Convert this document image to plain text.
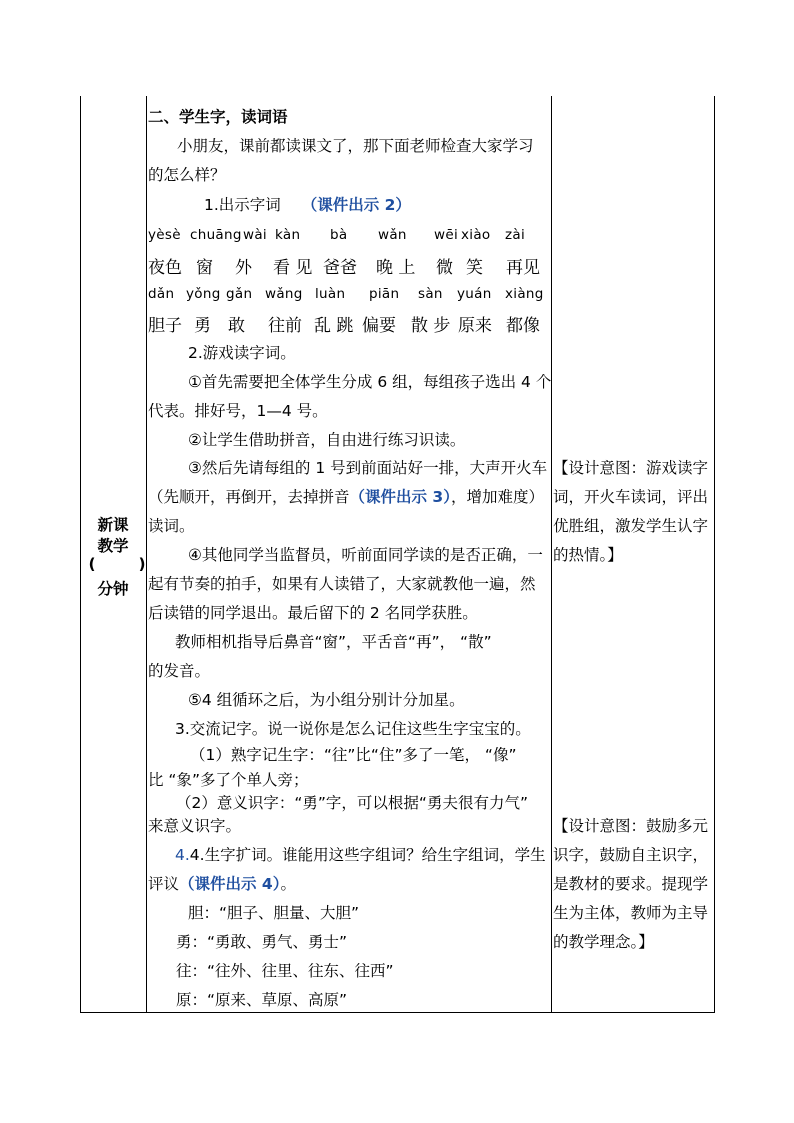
新课
教学
(	)
分钟
二、学生字，读词语
小朋友，课前都读课文了，那下面老师检查大家学习
的怎么样？
1.出示字词 （课件出示 2）
yèsè chuāng wài kàn bà wǎn wēi xiào zài
夜色 窗 外 看 见 爸爸 晚 上 微 笑 再见
dǎn yǒng gǎn wǎng luàn piān sàn yuán xiàng
胆子 勇 敢 往前 乱 跳 偏要 散 步 原来 都像
2.游戏读字词。
①首先需要把全体学生分成 6 组，每组孩子选出 4 个
代表。排好号，1—4 号。
②让学生借助拼音，自由进行练习识读。
③然后先请每组的 1 号到前面站好一排，大声开火车
（先顺开，再倒开，去掉拼音（课件出示 3），增加难度）
读词。
④其他同学当监督员，听前面同学读的是否正确，一
起有节奏的拍手，如果有人读错了，大家就教他一遍，然
后读错的同学退出。最后留下的 2 名同学获胜。
教师相机指导后鼻音“窗”，平舌音“再”， “散”
的发音。
⑤4 组循环之后，为小组分别计分加星。
3.交流记字。说一说你是怎么记住这些生字宝宝的。
（1）熟字记生字：“往”比“住”多了一笔， “像”
比 “象”多了个单人旁；
（2）意义识字：“勇”字，可以根据“勇夫很有力气”
来意义识字。
4.4.生字扩词。谁能用这些字组词？给生字组词，学生
评议（课件出示 4）。
胆：“胆子、胆量、大胆”
勇：“勇敢、勇气、勇士”
往：“往外、往里、往东、往西”
原：“原来、草原、高原”
【设计意图：游戏读字
词，开火车读词，评出
优胜组，激发学生认字
的热情。】
【设计意图：鼓励多元
识字，鼓励自主识字，
是教材的要求。提现学
生为主体，教师为主导
的教学理念。】
